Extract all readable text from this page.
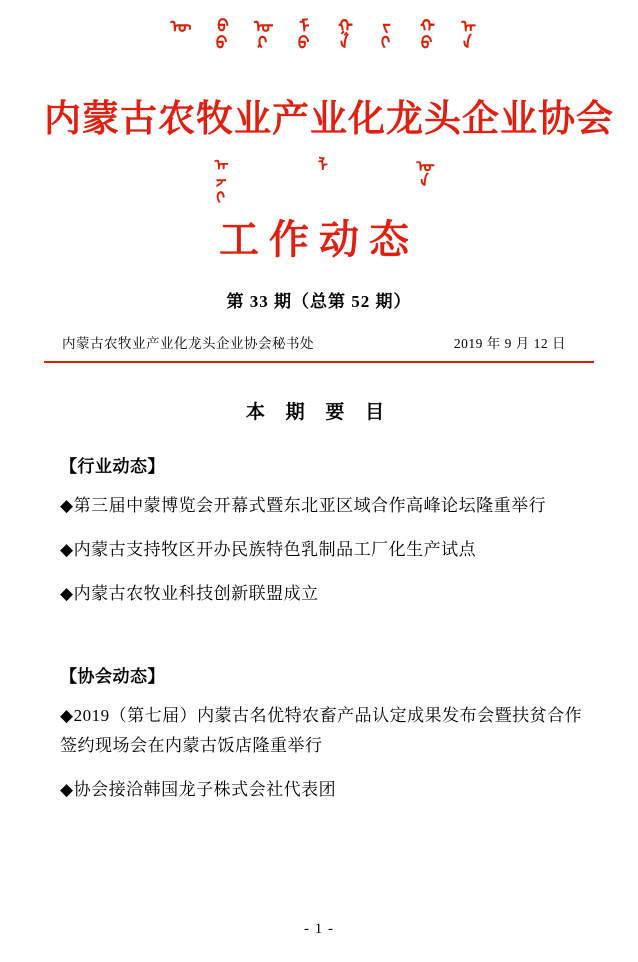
ᠦ ᠪᠦ ᠣᠷ ᠮᠤ ᠭᠠ ᠵᠢ ᠬᠤ ᠠᠨ
内蒙古农牧业产业化龙头企业协会
ᠠᠵᠢ	ᠯ	ᠤᠨ
工作动态
第 33 期（总第 52 期）
内蒙古农牧业产业化龙头企业协会秘书处	2019 年 9 月 12 日
本 期 要 目
【行业动态】
◆第三届中蒙博览会开幕式暨东北亚区域合作高峰论坛隆重举行
◆内蒙古支持牧区开办民族特色乳制品工厂化生产试点
◆内蒙古农牧业科技创新联盟成立
【协会动态】
◆2019（第七届）内蒙古名优特农畜产品认定成果发布会暨扶贫合作签约现场会在内蒙古饭店隆重举行
◆协会接洽韩国龙子株式会社代表团
- 1 -
